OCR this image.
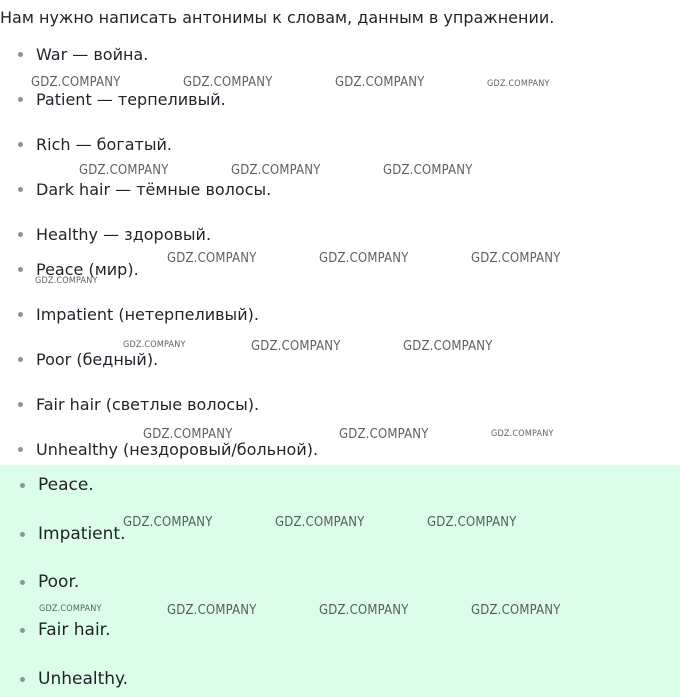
Нам нужно написать антонимы к словам, данным в упражнении.
War — война.
Patient — терпеливый.
Rich — богатый.
Dark hair — тёмные волосы.
Healthy — здоровый.
Peace (мир).
Impatient (нетерпеливый).
Poor (бедный).
Fair hair (светлые волосы).
Unhealthy (нездоровый/больной).
Peace.
Impatient.
Poor.
Fair hair.
Unhealthy.
GDZ.COMPANY	GDZ.COMPANY	GDZ.COMPANY	GDZ.COMPANY
GDZ.COMPANY	GDZ.COMPANY	GDZ.COMPANY
GDZ.COMPANY	GDZ.COMPANY	GDZ.COMPANY
GDZ.COMPANY
GDZ.COMPANY	GDZ.COMPANY	GDZ.COMPANY
GDZ.COMPANY	GDZ.COMPANY	GDZ.COMPANY
GDZ.COMPANY	GDZ.COMPANY	GDZ.COMPANY
GDZ.COMPANY	GDZ.COMPANY	GDZ.COMPANY	GDZ.COMPANY
